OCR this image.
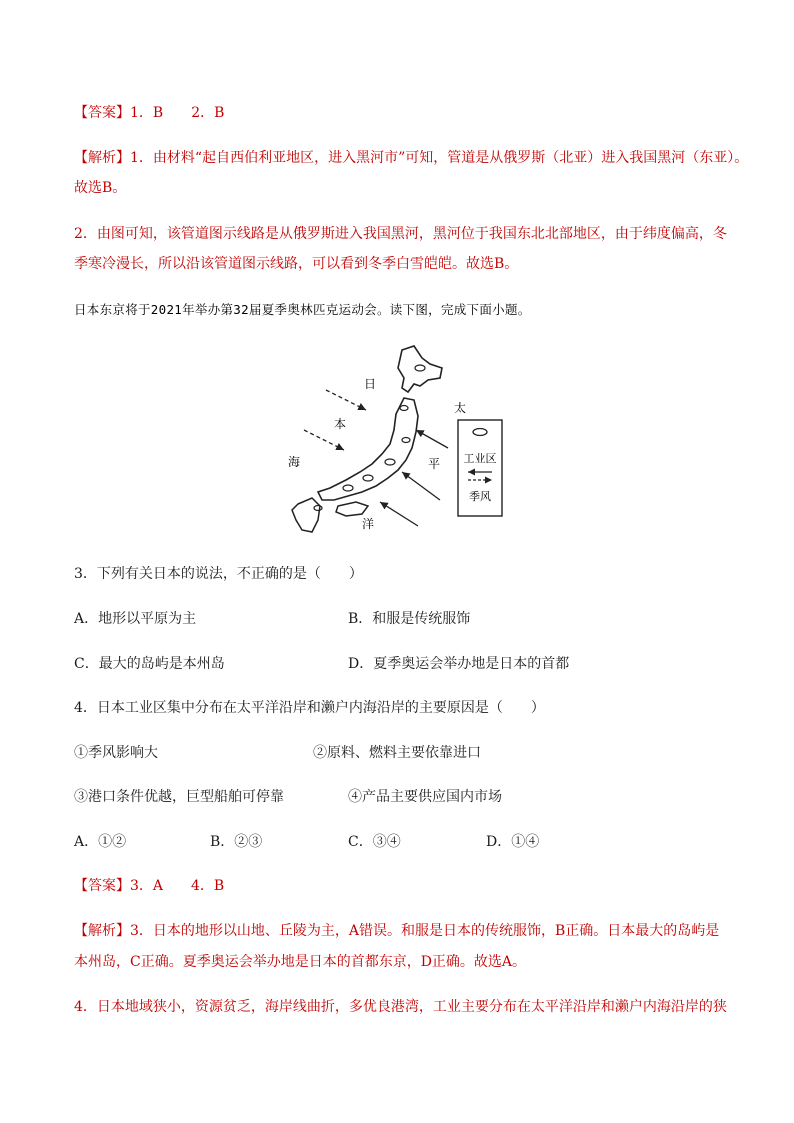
【答案】1．B　　2．B
【解析】1．由材料“起自西伯利亚地区，进入黑河市”可知，管道是从俄罗斯（北亚）进入我国黑河（东亚）。
故选B。
2．由图可知，该管道图示线路是从俄罗斯进入我国黑河，黑河位于我国东北北部地区，由于纬度偏高，冬
季寒冷漫长，所以沿该管道图示线路，可以看到冬季白雪皑皑。故选B。
日本东京将于2021年举办第32届夏季奥林匹克运动会。读下图，完成下面小题。
日
本
海
太
平
洋
工业区
季风
3．下列有关日本的说法，不正确的是（　　）
A．地形以平原为主	B．和服是传统服饰
C．最大的岛屿是本州岛	D．夏季奥运会举办地是日本的首都
4．日本工业区集中分布在太平洋沿岸和濑户内海沿岸的主要原因是（　　）
①季风影响大	②原料、燃料主要依靠进口
③港口条件优越，巨型船舶可停靠	④产品主要供应国内市场
A．①②	B．②③	C．③④	D．①④
【答案】3．A　　4．B
【解析】3．日本的地形以山地、丘陵为主，A错误。和服是日本的传统服饰，B正确。日本最大的岛屿是
本州岛，C正确。夏季奥运会举办地是日本的首都东京，D正确。故选A。
4．日本地域狭小，资源贫乏，海岸线曲折，多优良港湾，工业主要分布在太平洋沿岸和濑户内海沿岸的狭
